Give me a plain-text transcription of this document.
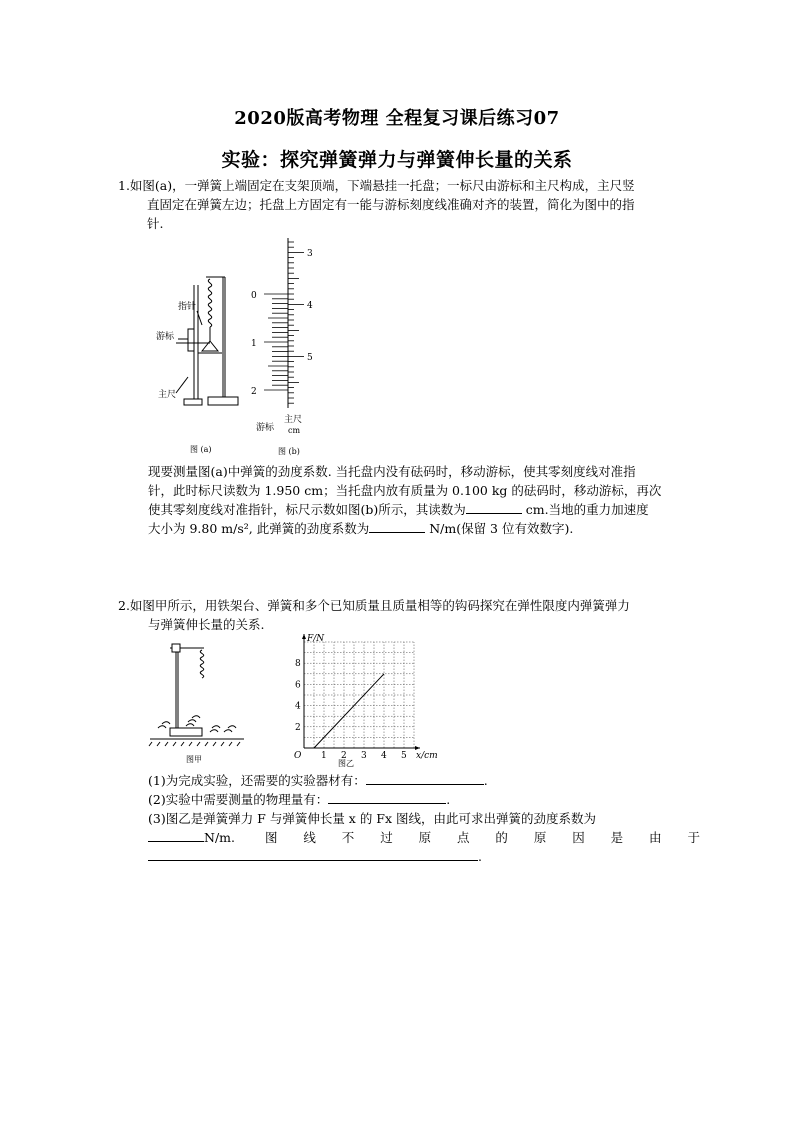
2020版高考物理 全程复习课后练习07
实验：探究弹簧弹力与弹簧伸长量的关系
1.如图(a)，一弹簧上端固定在支架顶端，下端悬挂一托盘；一标尺由游标和主尺构成，主尺竖
直固定在弹簧左边；托盘上方固定有一能与游标刻度线准确对齐的装置，简化为图中的指
针.
指针
游标
主尺
图 (a)
3
4
5
0
1
2
游标
主尺
cm
图 (b)
现要测量图(a)中弹簧的劲度系数. 当托盘内没有砝码时，移动游标，使其零刻度线对准指
针，此时标尺读数为 1.950 cm；当托盘内放有质量为 0.100 kg 的砝码时，移动游标，再次
使其零刻度线对准指针，标尺示数如图(b)所示，其读数为	cm.当地的重力加速度
大小为 9.80 m/s², 此弹簧的劲度系数为	N/m(保留 3 位有效数字).
2.如图甲所示，用铁架台、弹簧和多个已知质量且质量相等的钩码探究在弹性限度内弹簧弹力
与弹簧伸长量的关系.
图甲	1 2 3 4 5
2
4
6
8
O
F/N
x/cm
图乙
(1)为完成实验，还需要的实验器材有：	.
(2)实验中需要测量的物理量有：	.
(3)图乙是弹簧弹力 F 与弹簧伸长量 x 的 Fx 图线，由此可求出弹簧的劲度系数为
N/m. 图 线 不 过 原 点 的 原 因 是 由 于
.
